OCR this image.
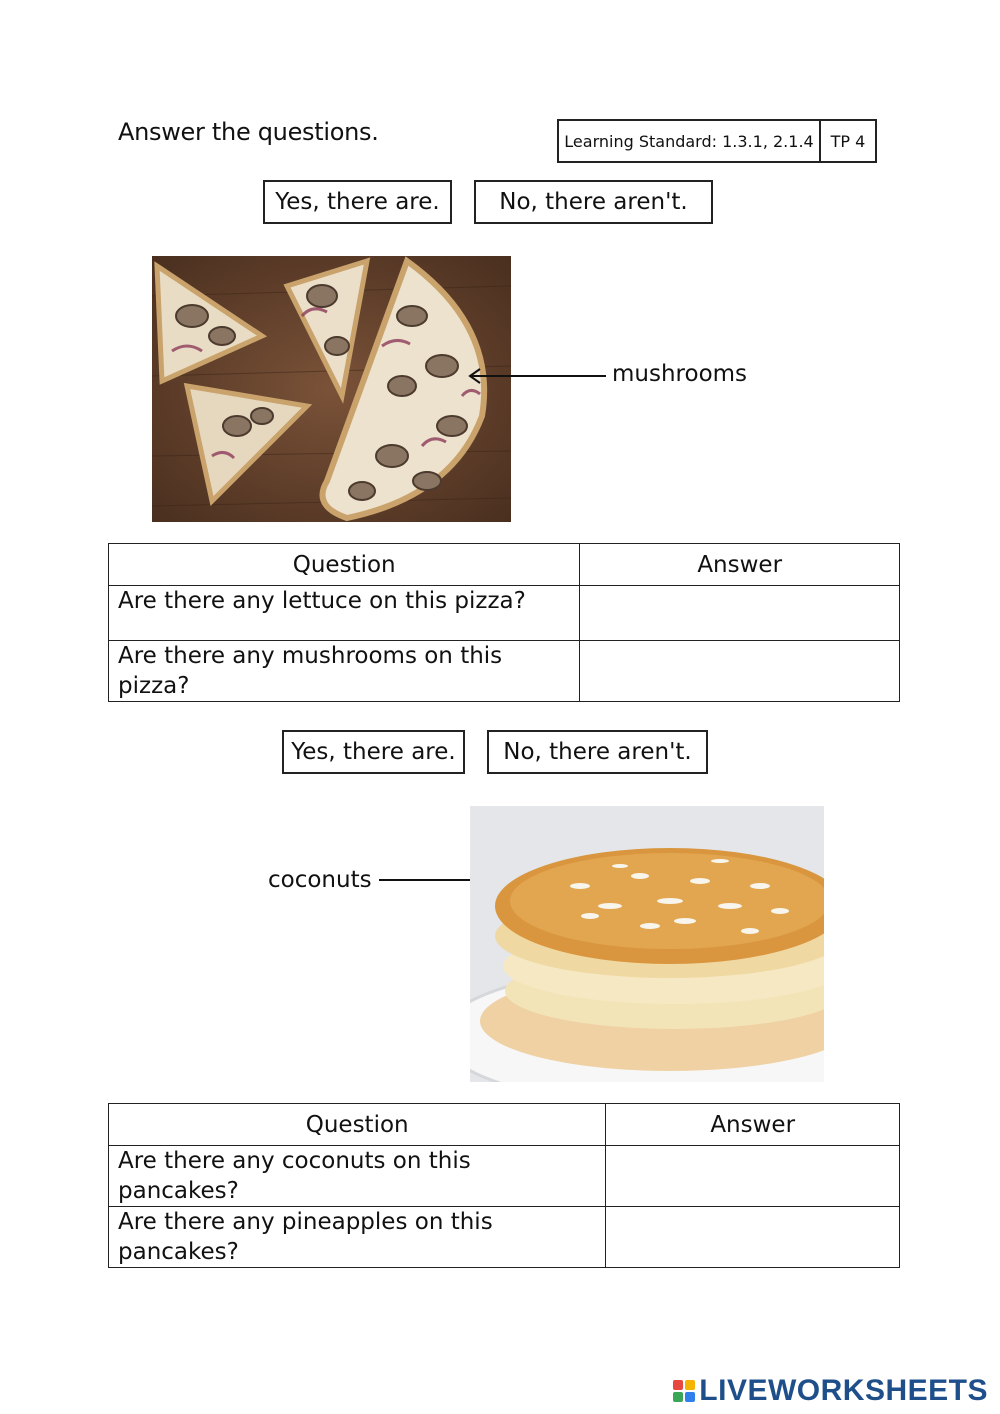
Answer the questions.	Learning Standard: 1.3.1, 2.1.4	TP 4
Yes, there are.	No, there aren't.
mushrooms
Question	Answer
Are there any lettuce on this pizza?	
Are there any mushrooms on this pizza?	
Yes, there are.	No, there aren't.
coconuts
Question	Answer
Are there any coconuts on this pancakes?	
Are there any pineapples on this pancakes?	
LIVEWORKSHEETS
